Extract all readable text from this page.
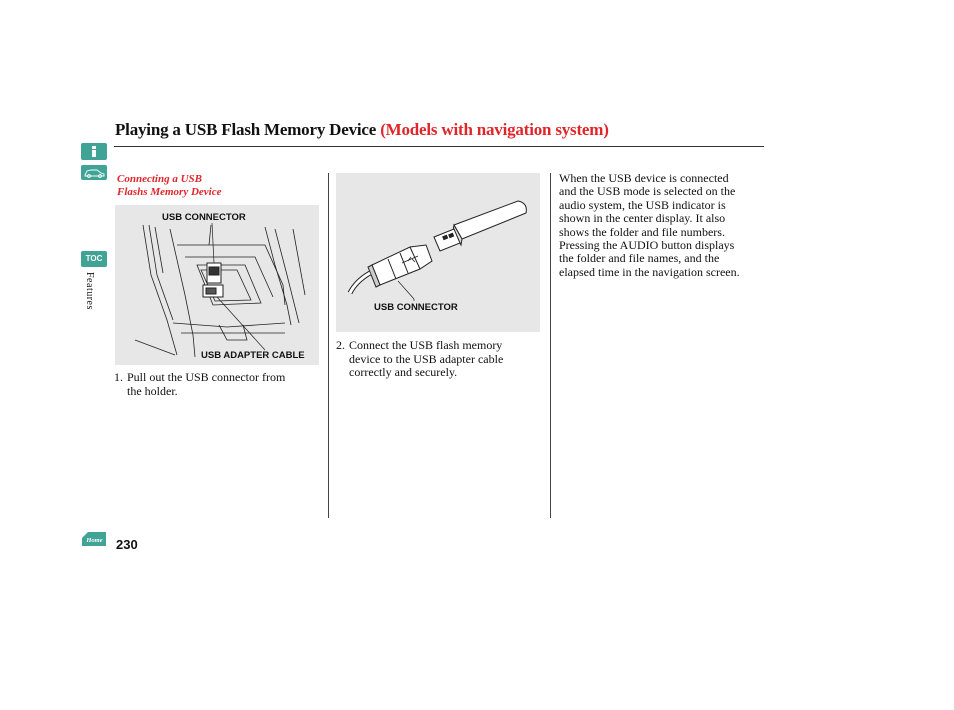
Playing a USB Flash Memory Device (Models with navigation system)
TOC
Features
Home 230
Connecting a USB
Flashs Memory Device
USB CONNECTOR
USB ADAPTER CABLE
1. Pull out the USB connector from
the holder.
USB CONNECTOR
2. Connect the USB flash memory
device to the USB adapter cable
correctly and securely.
When the USB device is connected
and the USB mode is selected on the
audio system, the USB indicator is
shown in the center display. It also
shows the folder and file numbers.
Pressing the AUDIO button displays
the folder and file names, and the
elapsed time in the navigation screen.
